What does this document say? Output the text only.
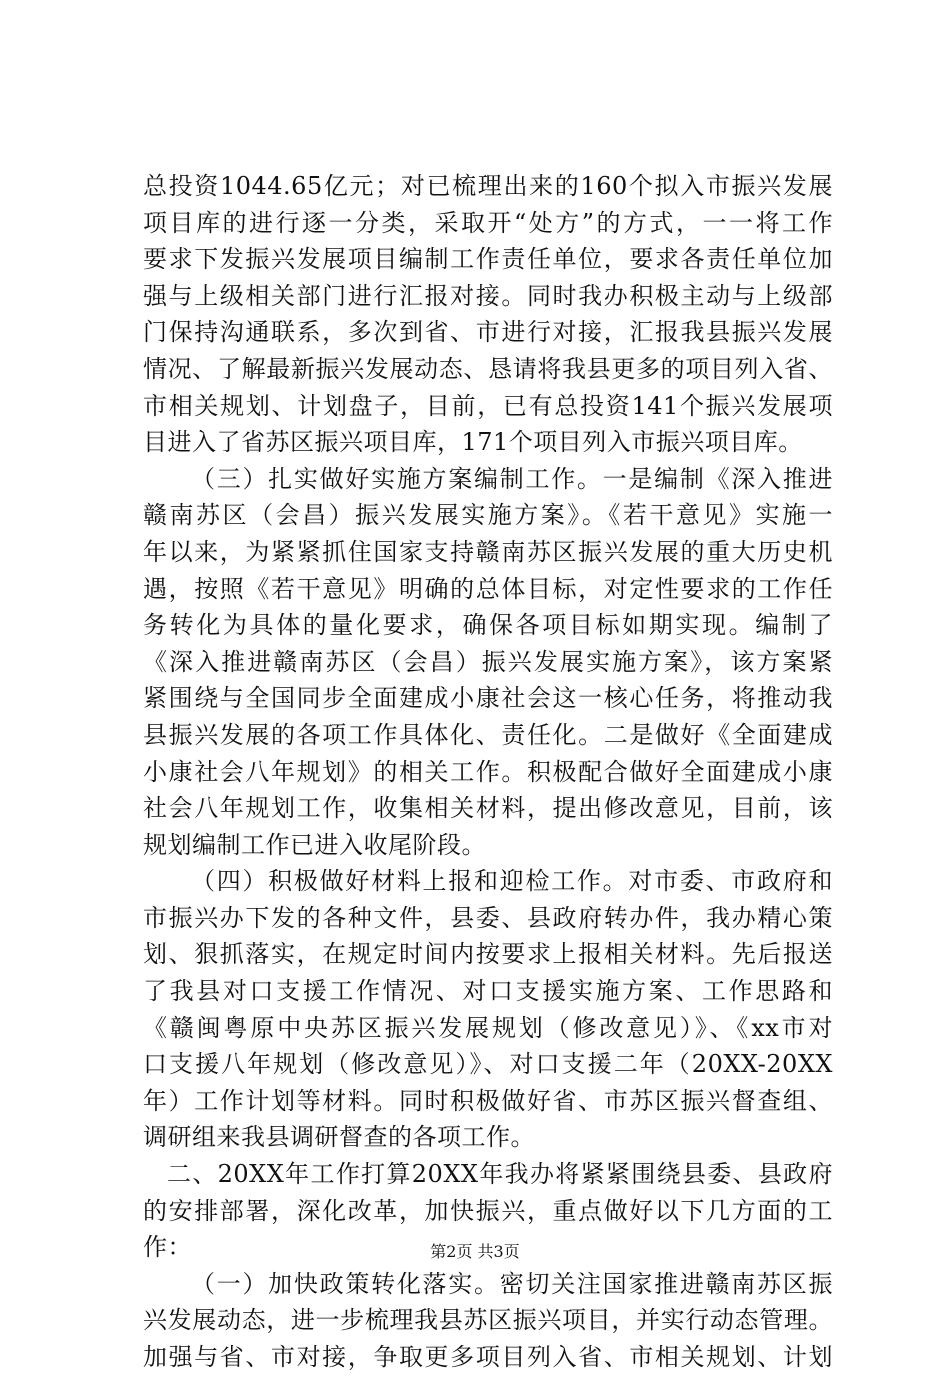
总投资1044.65亿元；对已梳理出来的160个拟入市振兴发展
项目库的进行逐一分类，采取开“处方”的方式，一一将工作
要求下发振兴发展项目编制工作责任单位，要求各责任单位加
强与上级相关部门进行汇报对接。同时我办积极主动与上级部
门保持沟通联系，多次到省、市进行对接，汇报我县振兴发展
情况、了解最新振兴发展动态、恳请将我县更多的项目列入省、
市相关规划、计划盘子，目前，已有总投资141个振兴发展项
目进入了省苏区振兴项目库，171个项目列入市振兴项目库。
（三）扎实做好实施方案编制工作。一是编制《深入推进
赣南苏区（会昌）振兴发展实施方案》。《若干意见》实施一
年以来，为紧紧抓住国家支持赣南苏区振兴发展的重大历史机
遇，按照《若干意见》明确的总体目标，对定性要求的工作任
务转化为具体的量化要求，确保各项目标如期实现。编制了
《深入推进赣南苏区（会昌）振兴发展实施方案》，该方案紧
紧围绕与全国同步全面建成小康社会这一核心任务，将推动我
县振兴发展的各项工作具体化、责任化。二是做好《全面建成
小康社会八年规划》的相关工作。积极配合做好全面建成小康
社会八年规划工作，收集相关材料，提出修改意见，目前，该
规划编制工作已进入收尾阶段。
（四）积极做好材料上报和迎检工作。对市委、市政府和
市振兴办下发的各种文件，县委、县政府转办件，我办精心策
划、狠抓落实，在规定时间内按要求上报相关材料。先后报送
了我县对口支援工作情况、对口支援实施方案、工作思路和
《赣闽粤原中央苏区振兴发展规划（修改意见）》、《xx市对
口支援八年规划（修改意见）》、对口支援二年（20XX-20XX
年）工作计划等材料。同时积极做好省、市苏区振兴督查组、
调研组来我县调研督查的各项工作。
二、20XX年工作打算20XX年我办将紧紧围绕县委、县政府
的安排部署，深化改革，加快振兴，重点做好以下几方面的工
作：
（一）加快政策转化落实。密切关注国家推进赣南苏区振
兴发展动态，进一步梳理我县苏区振兴项目，并实行动态管理。
加强与省、市对接，争取更多项目列入省、市相关规划、计划
第2页 共3页
